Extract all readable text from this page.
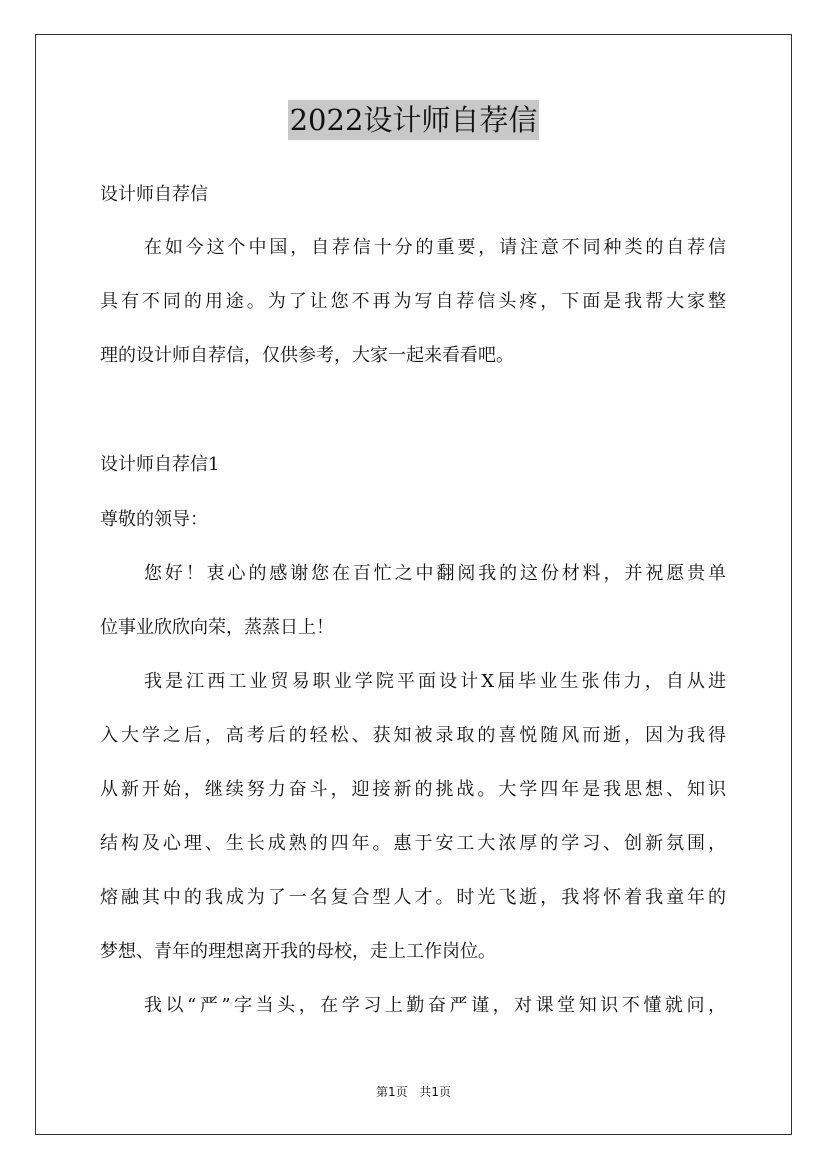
2022设计师自荐信
设计师自荐信
在如今这个中国，自荐信十分的重要，请注意不同种类的自荐信
具有不同的用途。为了让您不再为写自荐信头疼，下面是我帮大家整
理的设计师自荐信，仅供参考，大家一起来看看吧。
设计师自荐信1
尊敬的领导：
您好！衷心的感谢您在百忙之中翻阅我的这份材料，并祝愿贵单
位事业欣欣向荣，蒸蒸日上！
我是江西工业贸易职业学院平面设计X届毕业生张伟力，自从进
入大学之后，高考后的轻松、获知被录取的喜悦随风而逝，因为我得
从新开始，继续努力奋斗，迎接新的挑战。大学四年是我思想、知识
结构及心理、生长成熟的四年。惠于安工大浓厚的学习、创新氛围，
熔融其中的我成为了一名复合型人才。时光飞逝，我将怀着我童年的
梦想、青年的理想离开我的母校，走上工作岗位。
我以“严”字当头，在学习上勤奋严谨，对课堂知识不懂就问，
第1页 共1页
